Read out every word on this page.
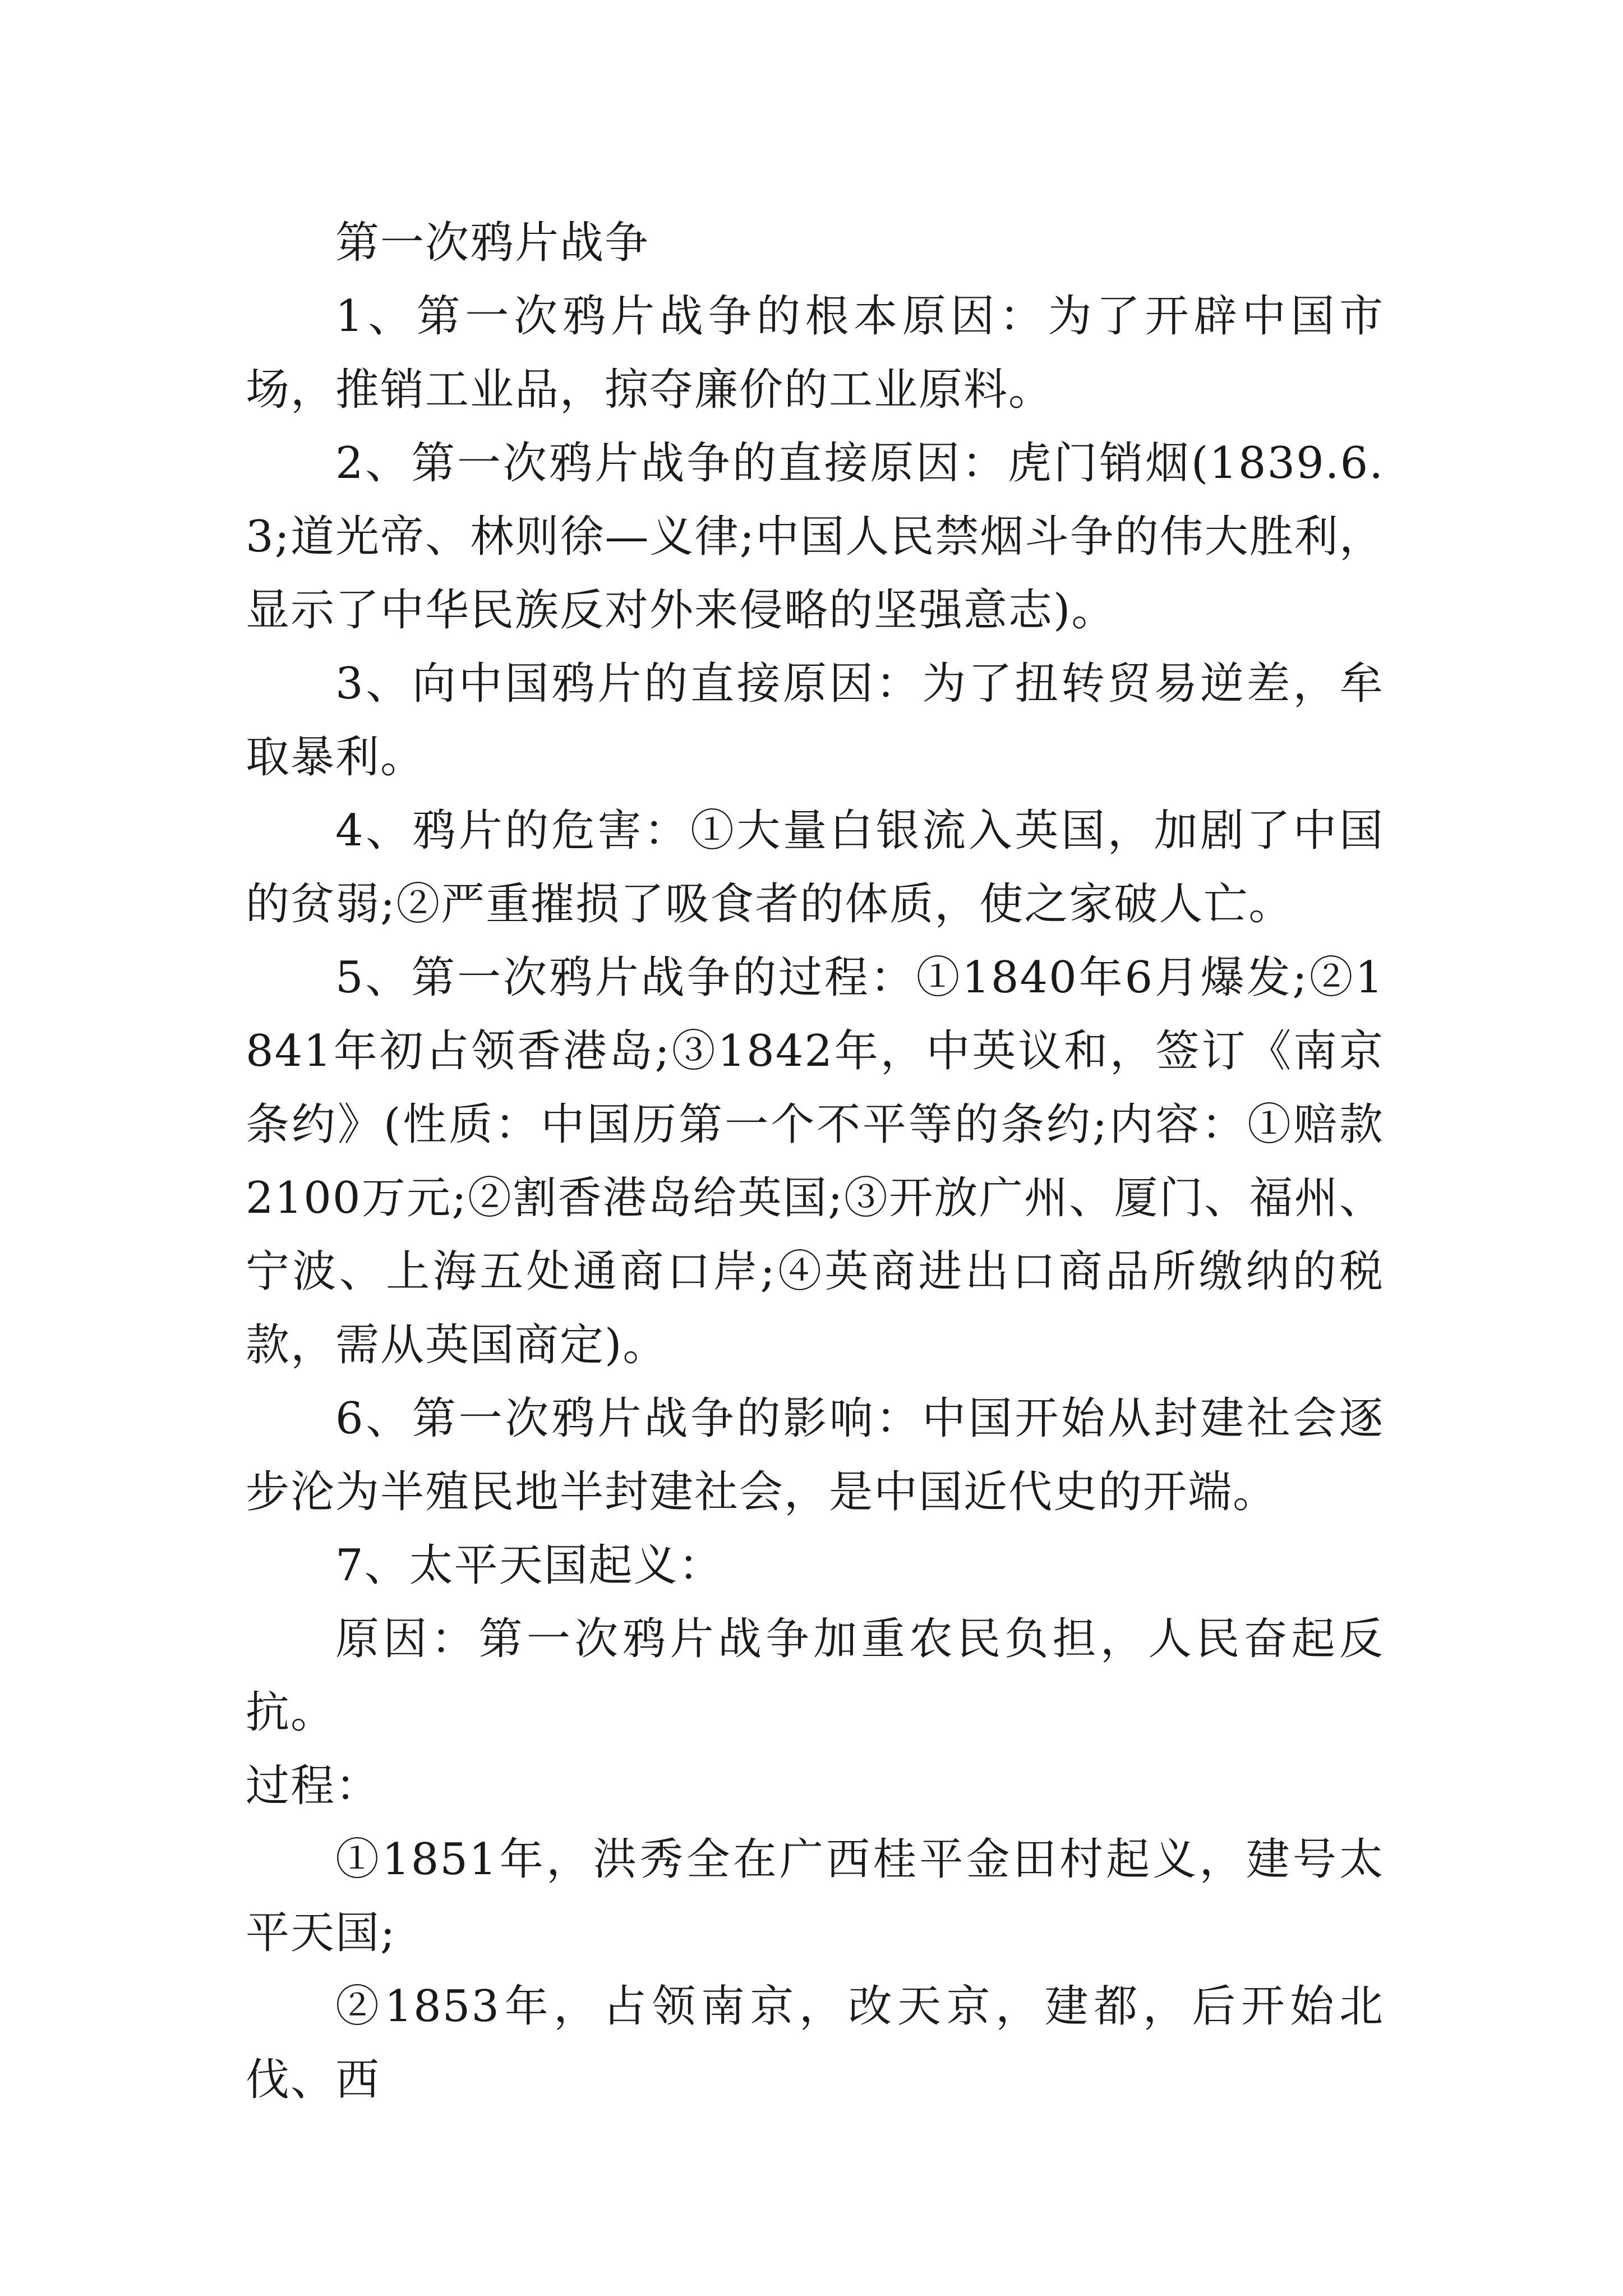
第一次鸦片战争

1、第一次鸦片战争的根本原因：为了开辟中国市场，推销工业品，掠夺廉价的工业原料。

2、第一次鸦片战争的直接原因：虎门销烟(1839.6.3;道光帝、林则徐—义律;中国人民禁烟斗争的伟大胜利，显示了中华民族反对外来侵略的坚强意志)。

3、向中国鸦片的直接原因：为了扭转贸易逆差，牟取暴利。

4、鸦片的危害：①大量白银流入英国，加剧了中国的贫弱;②严重摧损了吸食者的体质，使之家破人亡。

5、第一次鸦片战争的过程：①1840年6月爆发;②1841年初占领香港岛;③1842年，中英议和，签订《南京条约》(性质：中国历第一个不平等的条约;内容：①赔款2100万元;②割香港岛给英国;③开放广州、厦门、福州、宁波、上海五处通商口岸;④英商进出口商品所缴纳的税款，需从英国商定)。

6、第一次鸦片战争的影响：中国开始从封建社会逐步沦为半殖民地半封建社会，是中国近代史的开端。

7、太平天国起义：

原因：第一次鸦片战争加重农民负担，人民奋起反抗。

过程：

①1851年，洪秀全在广西桂平金田村起义，建号太平天国;

②1853年，占领南京，改天京，建都，后开始北伐、西
